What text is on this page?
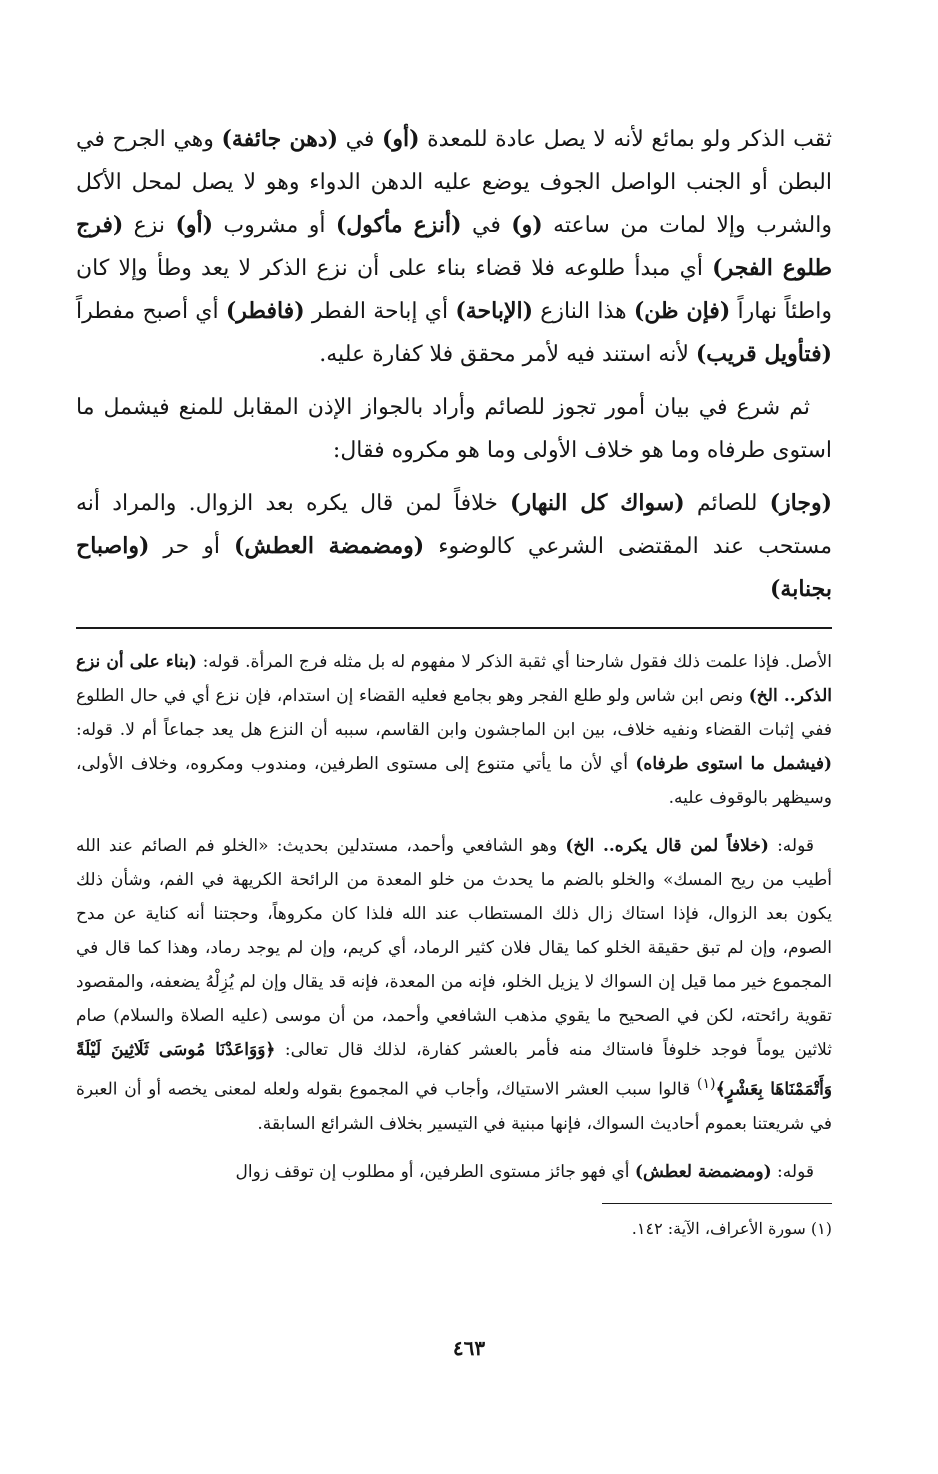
ثقب الذكر ولو بمائع لأنه لا يصل عادة للمعدة (أو) في (دهن جائفة) وهي الجرح في البطن أو الجنب الواصل الجوف يوضع عليه الدهن الدواء وهو لا يصل لمحل الأكل والشرب وإلا لمات من ساعته (و) في (أنزع مأكول) أو مشروب (أو) نزع (فرج طلوع الفجر) أي مبدأ طلوعه فلا قضاء بناء على أن نزع الذكر لا يعد وطأ وإلا كان واطئاً نهاراً (فإن ظن) هذا النازع (الإباحة) أي إباحة الفطر (فافطر) أي أصبح مفطراً (فتأويل قريب) لأنه استند فيه لأمر محقق فلا كفارة عليه.

ثم شرع في بيان أمور تجوز للصائم وأراد بالجواز الإذن المقابل للمنع فيشمل ما استوى طرفاه وما هو خلاف الأولى وما هو مكروه فقال:

(وجاز) للصائم (سواك كل النهار) خلافاً لمن قال يكره بعد الزوال. والمراد أنه مستحب عند المقتضى الشرعي كالوضوء (ومضمضة العطش) أو حر (واصباح بجنابة)

الأصل. فإذا علمت ذلك فقول شارحنا أي ثقبة الذكر لا مفهوم له بل مثله فرج المرأة. قوله: (بناء على أن نزع الذكر.. الخ) ونص ابن شاس ولو طلع الفجر وهو بجامع فعليه القضاء إن استدام، فإن نزع أي في حال الطلوع ففي إثبات القضاء ونفيه خلاف، بين ابن الماجشون وابن القاسم، سببه أن النزع هل يعد جماعاً أم لا. قوله: (فيشمل ما استوى طرفاه) أي لأن ما يأتي متنوع إلى مستوى الطرفين، ومندوب ومكروه، وخلاف الأولى، وسيظهر بالوقوف عليه.

قوله: (خلافاً لمن قال يكره.. الخ) وهو الشافعي وأحمد، مستدلين بحديث: «الخلو فم الصائم عند الله أطيب من ريح المسك» والخلو بالضم ما يحدث من خلو المعدة من الرائحة الكريهة في الفم، وشأن ذلك يكون بعد الزوال، فإذا استاك زال ذلك المستطاب عند الله فلذا كان مكروهاً، وحجتنا أنه كناية عن مدح الصوم، وإن لم تبق حقيقة الخلو كما يقال فلان كثير الرماد، أي كريم، وإن لم يوجد رماد، وهذا كما قال في المجموع خير مما قيل إن السواك لا يزيل الخلو، فإنه من المعدة، فإنه قد يقال وإن لم يُزِلْهُ يضعفه، والمقصود تقوية رائحته، لكن في الصحيح ما يقوي مذهب الشافعي وأحمد، من أن موسى (عليه الصلاة والسلام) صام ثلاثين يوماً فوجد خلوفاً فاستاك منه فأمر بالعشر كفارة، لذلك قال تعالى: ﴿وَوَاعَدْنَا مُوسَى ثَلَاثِينَ لَيْلَةً وَأَتْمَمْنَاهَا بِعَشْرٍ﴾$^{(١)}$ قالوا سبب العشر الاستياك، وأجاب في المجموع بقوله ولعله لمعنى يخصه أو أن العبرة في شريعتنا بعموم أحاديث السواك، فإنها مبنية في التيسير بخلاف الشرائع السابقة.

قوله: (ومضمضة لعطش) أي فهو جائز مستوى الطرفين، أو مطلوب إن توقف زوال

(١) سورة الأعراف، الآية: ١٤٢.

٤٦٣
